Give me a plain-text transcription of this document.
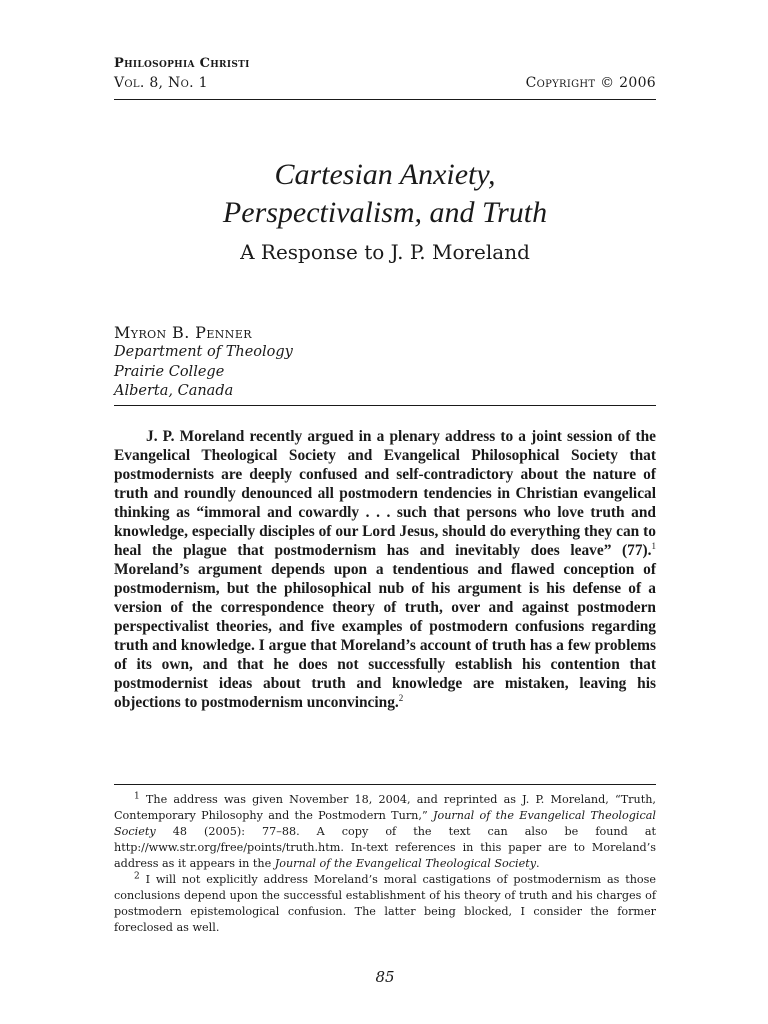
Philosophia Christi
Vol. 8, No. 1	Copyright © 2006
Cartesian Anxiety,
Perspectivalism, and Truth
A Response to J. P. Moreland
Myron B. Penner
Department of Theology
Prairie College
Alberta, Canada

J. P. Moreland recently argued in a plenary address to a joint session of the Evangelical Theological Society and Evangelical Philosophical Society that postmodernists are deeply confused and self-contradictory about the nature of truth and roundly denounced all postmodern tendencies in Christian evangelical thinking as “immoral and cowardly . . . such that persons who love truth and knowledge, especially disciples of our Lord Jesus, should do everything they can to heal the plague that postmodernism has and inevitably does leave” (77).$^1$ Moreland’s argument depends upon a tendentious and flawed conception of postmodernism, but the philosophical nub of his argument is his defense of a version of the correspondence theory of truth, over and against postmodern perspectivalist theories, and five examples of postmodern confusions regarding truth and knowledge. I argue that Moreland’s account of truth has a few problems of its own, and that he does not successfully establish his contention that postmodernist ideas about truth and knowledge are mistaken, leaving his objections to postmodernism unconvincing.$^2$

$^1$ The address was given November 18, 2004, and reprinted as J. P. Moreland, “Truth, Contemporary Philosophy and the Postmodern Turn,” Journal of the Evangelical Theological Society 48 (2005): 77–88. A copy of the text can also be found at http://www.str.org/free/points/truth.htm. In-text references in this paper are to Moreland’s address as it appears in the Journal of the Evangelical Theological Society.

$^2$ I will not explicitly address Moreland’s moral castigations of postmodernism as those conclusions depend upon the successful establishment of his theory of truth and his charges of postmodern epistemological confusion. The latter being blocked, I consider the former foreclosed as well.

85
